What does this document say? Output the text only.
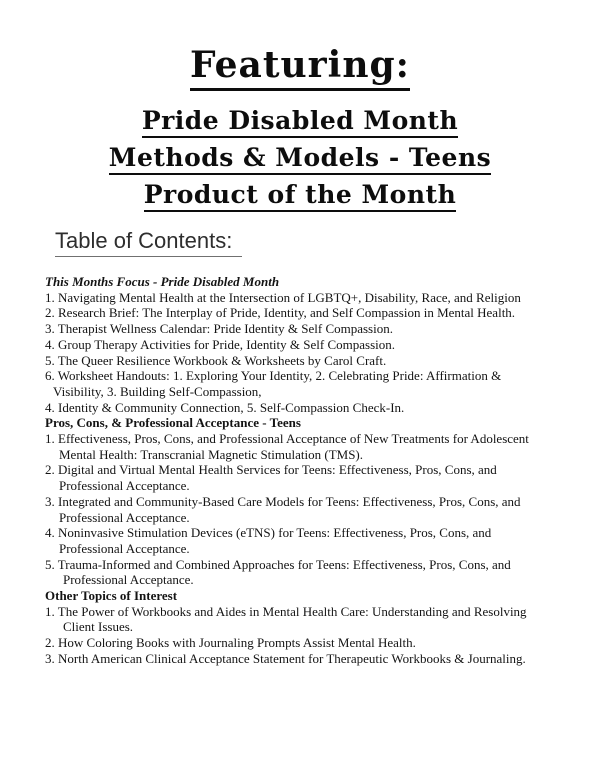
Featuring:
Pride Disabled Month
Methods & Models - Teens
Product of the Month
Table of Contents:
This Months Focus - Pride Disabled Month
1. Navigating Mental Health at the Intersection of LGBTQ+, Disability, Race, and Religion
2. Research Brief: The Interplay of Pride, Identity, and Self Compassion in Mental Health.
3. Therapist Wellness Calendar: Pride Identity & Self Compassion.
4. Group Therapy Activities for Pride, Identity & Self Compassion.
5. The Queer Resilience Workbook & Worksheets by Carol Craft.
6. Worksheet Handouts: 1. Exploring Your Identity, 2. Celebrating Pride: Affirmation &
Visibility, 3. Building Self-Compassion,
4. Identity & Community Connection, 5. Self-Compassion Check-In.
Pros, Cons, & Professional Acceptance - Teens
1. Effectiveness, Pros, Cons, and Professional Acceptance of New Treatments for Adolescent
Mental Health: Transcranial Magnetic Stimulation (TMS).
2. Digital and Virtual Mental Health Services for Teens: Effectiveness, Pros, Cons, and
Professional Acceptance.
3. Integrated and Community-Based Care Models for Teens: Effectiveness, Pros, Cons, and
Professional Acceptance.
4. Noninvasive Stimulation Devices (eTNS) for Teens: Effectiveness, Pros, Cons, and
Professional Acceptance.
5. Trauma-Informed and Combined Approaches for Teens: Effectiveness, Pros, Cons, and
Professional Acceptance.
Other Topics of Interest
1. The Power of Workbooks and Aides in Mental Health Care: Understanding and Resolving
Client Issues.
2. How Coloring Books with Journaling Prompts Assist Mental Health.
3. North American Clinical Acceptance Statement for Therapeutic Workbooks & Journaling.
